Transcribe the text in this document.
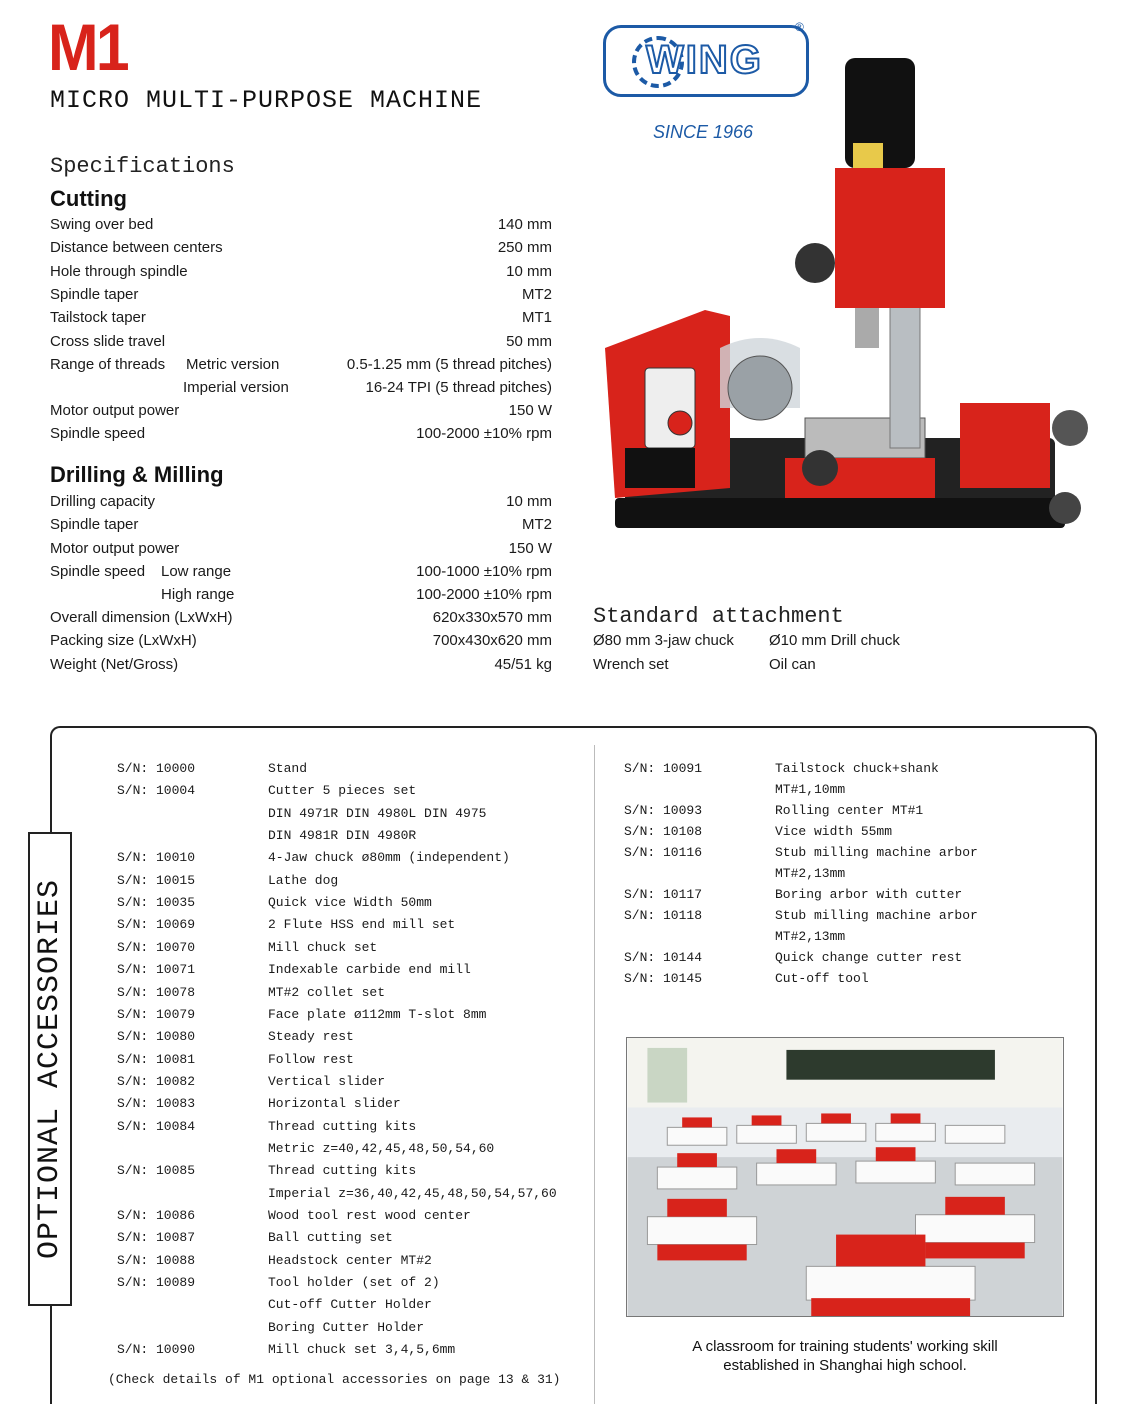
M1
MICRO MULTI-PURPOSE MACHINE
WING
®
SINCE 1966
Specifications
Cutting
Swing over bed	140 mm
Distance between centers	250 mm
Hole through spindle	10 mm
Spindle taper	MT2
Tailstock taper	MT1
Cross slide travel	50 mm
Range of threads Metric version	0.5-1.25 mm (5 thread pitches)
Imperial version	16-24 TPI (5 thread pitches)
Motor output power	150 W
Spindle speed	100-2000 ±10% rpm
Drilling & Milling
Drilling capacity	10 mm
Spindle taper	MT2
Motor output power	150 W
Spindle speed Low range	100-1000 ±10% rpm
High range	100-2000 ±10% rpm
Overall dimension (LxWxH)	620x330x570 mm
Packing size (LxWxH)	700x430x620 mm
Weight (Net/Gross)	45/51 kg
Standard attachment
Ø80 mm 3-jaw chuck Ø10 mm Drill chuck
Wrench set	Oil can
OPTIONAL ACCESSORIES
S/N: 10000	Stand
S/N: 10004	Cutter 5 pieces set
DIN 4971R DIN 4980L DIN 4975
DIN 4981R DIN 4980R
S/N: 10010	4-Jaw chuck ø80mm (independent)
S/N: 10015	Lathe dog
S/N: 10035	Quick vice Width 50mm
S/N: 10069	2 Flute HSS end mill set
S/N: 10070	Mill chuck set
S/N: 10071	Indexable carbide end mill
S/N: 10078	MT#2 collet set
S/N: 10079	Face plate ø112mm T-slot 8mm
S/N: 10080	Steady rest
S/N: 10081	Follow rest
S/N: 10082	Vertical slider
S/N: 10083	Horizontal slider
S/N: 10084	Thread cutting kits
Metric z=40,42,45,48,50,54,60
S/N: 10085	Thread cutting kits
Imperial z=36,40,42,45,48,50,54,57,60
S/N: 10086	Wood tool rest wood center
S/N: 10087	Ball cutting set
S/N: 10088	Headstock center MT#2
S/N: 10089	Tool holder (set of 2)
Cut-off Cutter Holder
Boring Cutter Holder
S/N: 10090	Mill chuck set 3,4,5,6mm
S/N: 10091	Tailstock chuck+shank
MT#1,10mm
S/N: 10093	Rolling center MT#1
S/N: 10108	Vice width 55mm
S/N: 10116	Stub milling machine arbor
MT#2,13mm
S/N: 10117	Boring arbor with cutter
S/N: 10118	Stub milling machine arbor
MT#2,13mm
S/N: 10144	Quick change cutter rest
S/N: 10145	Cut-off tool
(Check details of M1 optional accessories on page 13 & 31)
A classroom for training students' working skill
established in Shanghai high school.
